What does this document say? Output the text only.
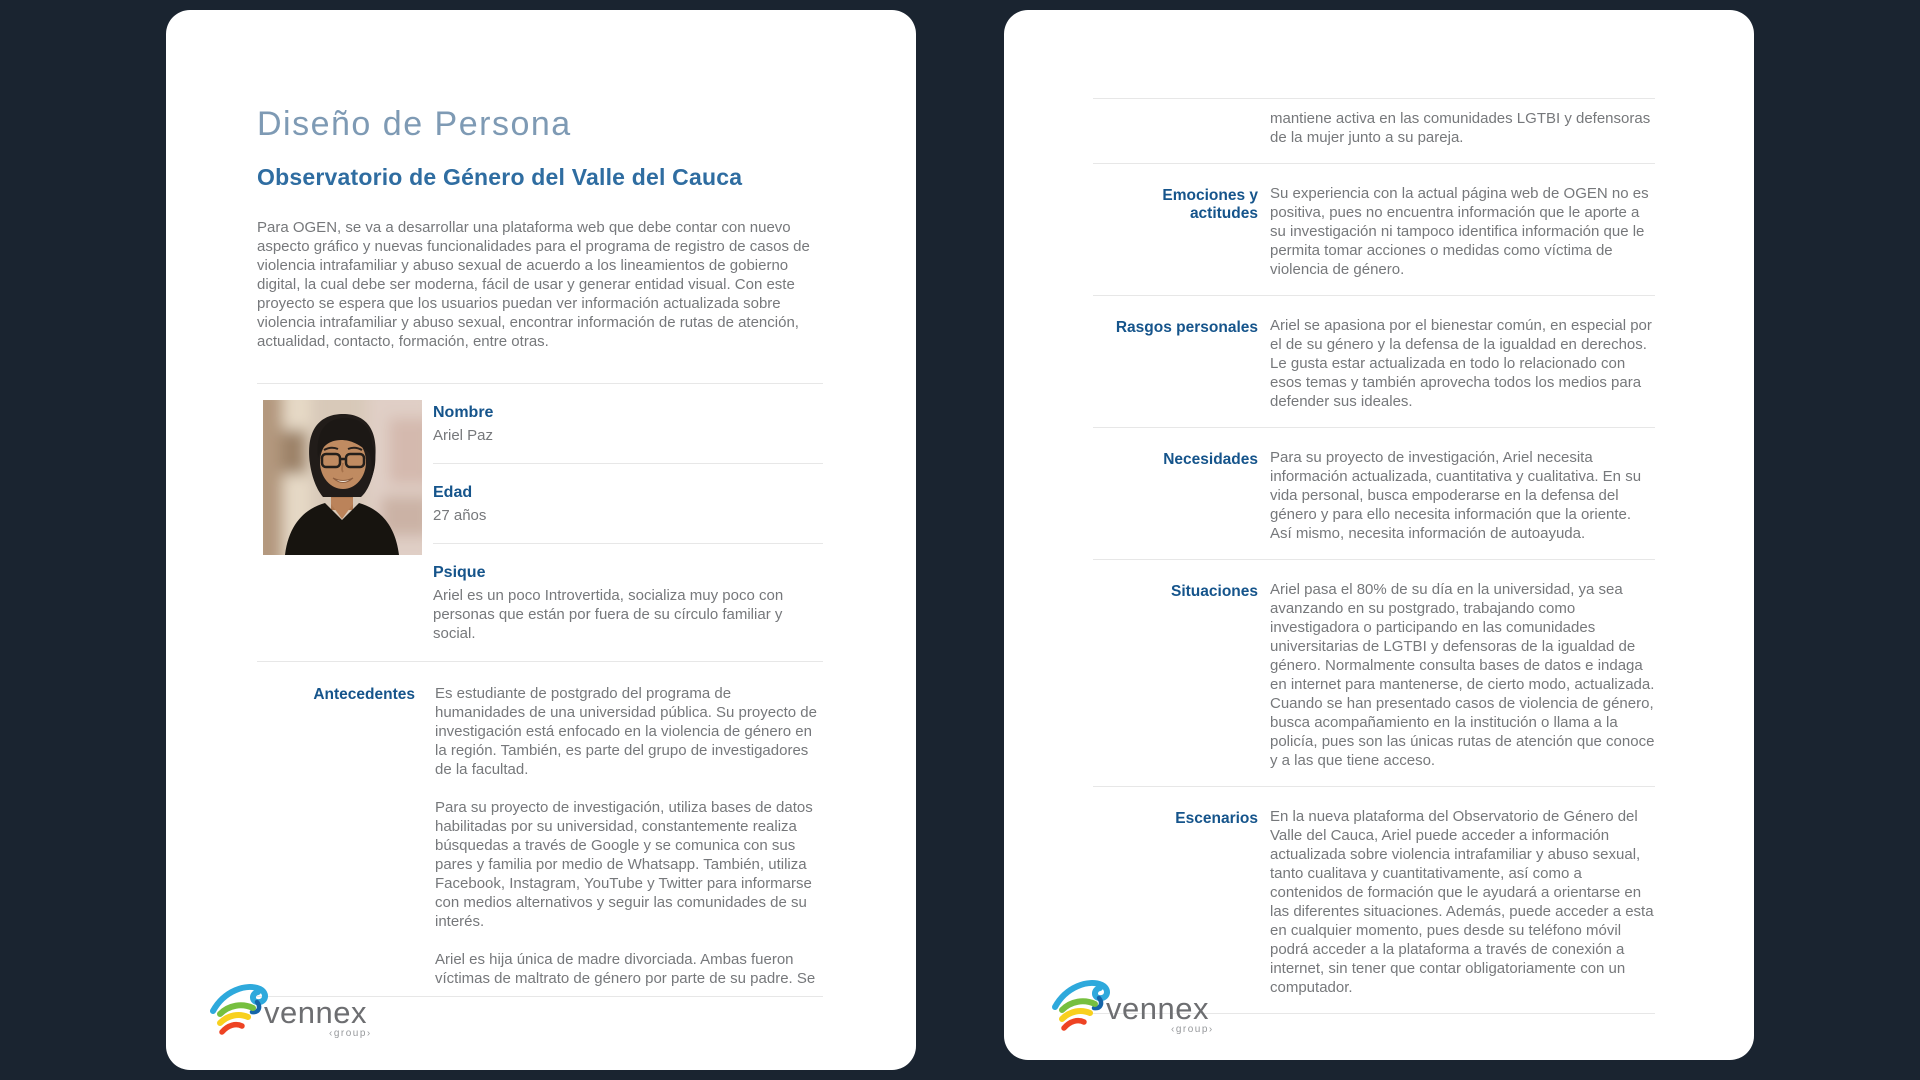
Diseño de Persona
Observatorio de Género del Valle del Cauca

Para OGEN, se va a desarrollar una plataforma web que debe contar con nuevo aspecto gráfico y nuevas funcionalidades para el programa de registro de casos de violencia intrafamiliar y abuso sexual de acuerdo a los lineamientos de gobierno digital, la cual debe ser moderna, fácil de usar y generar entidad visual. Con este proyecto se espera que los usuarios puedan ver información actualizada sobre violencia intrafamiliar y abuso sexual, encontrar información de rutas de atención, actualidad, contacto, formación, entre otras.

Nombre
Ariel Paz
Edad
27 años
Psique
Ariel es un poco Introvertida, socializa muy poco con personas que están por fuera de su círculo familiar y social.
Antecedentes Es estudiante de postgrado del programa de humanidades de una universidad pública. Su proyecto de investigación está enfocado en la violencia de género en la región. También, es parte del grupo de investigadores de la facultad.

Para su proyecto de investigación, utiliza bases de datos habilitadas por su universidad, constantemente realiza búsquedas a través de Google y se comunica con sus pares y familia por medio de Whatsapp. También, utiliza Facebook, Instagram, YouTube y Twitter para informarse con medios alternativos y seguir las comunidades de su interés.

Ariel es hija única de madre divorciada. Ambas fueron víctimas de maltrato de género por parte de su padre. Se

vennex
‹group›
mantiene activa en las comunidades LGTBI y defensoras de la mujer junto a su pareja.
Emociones y actitudes
Su experiencia con la actual página web de OGEN no es positiva, pues no encuentra información que le aporte a su investigación ni tampoco identifica información que le permita tomar acciones o medidas como víctima de violencia de género.
Rasgos personales Ariel se apasiona por el bienestar común, en especial por el de su género y la defensa de la igualdad en derechos. Le gusta estar actualizada en todo lo relacionado con esos temas y también aprovecha todos los medios para defender sus ideales.
Necesidades Para su proyecto de investigación, Ariel necesita información actualizada, cuantitativa y cualitativa. En su vida personal, busca empoderarse en la defensa del género y para ello necesita información que la oriente. Así mismo, necesita información de autoayuda.
Situaciones Ariel pasa el 80% de su día en la universidad, ya sea avanzando en su postgrado, trabajando como investigadora o participando en las comunidades universitarias de LGTBI y defensoras de la igualdad de género. Normalmente consulta bases de datos e indaga en internet para mantenerse, de cierto modo, actualizada. Cuando se han presentado casos de violencia de género, busca acompañamiento en la institución o llama a la policía, pues son las únicas rutas de atención que conoce y a las que tiene acceso.
Escenarios En la nueva plataforma del Observatorio de Género del Valle del Cauca, Ariel puede acceder a información actualizada sobre violencia intrafamiliar y abuso sexual, tanto cualitava y cuantitativamente, así como a contenidos de formación que le ayudará a orientarse en las diferentes situaciones. Además, puede acceder a esta en cualquier momento, pues desde su teléfono móvil podrá acceder a la plataforma a través de conexión a internet, sin tener que contar obligatoriamente con un computador.
vennex
‹group›
